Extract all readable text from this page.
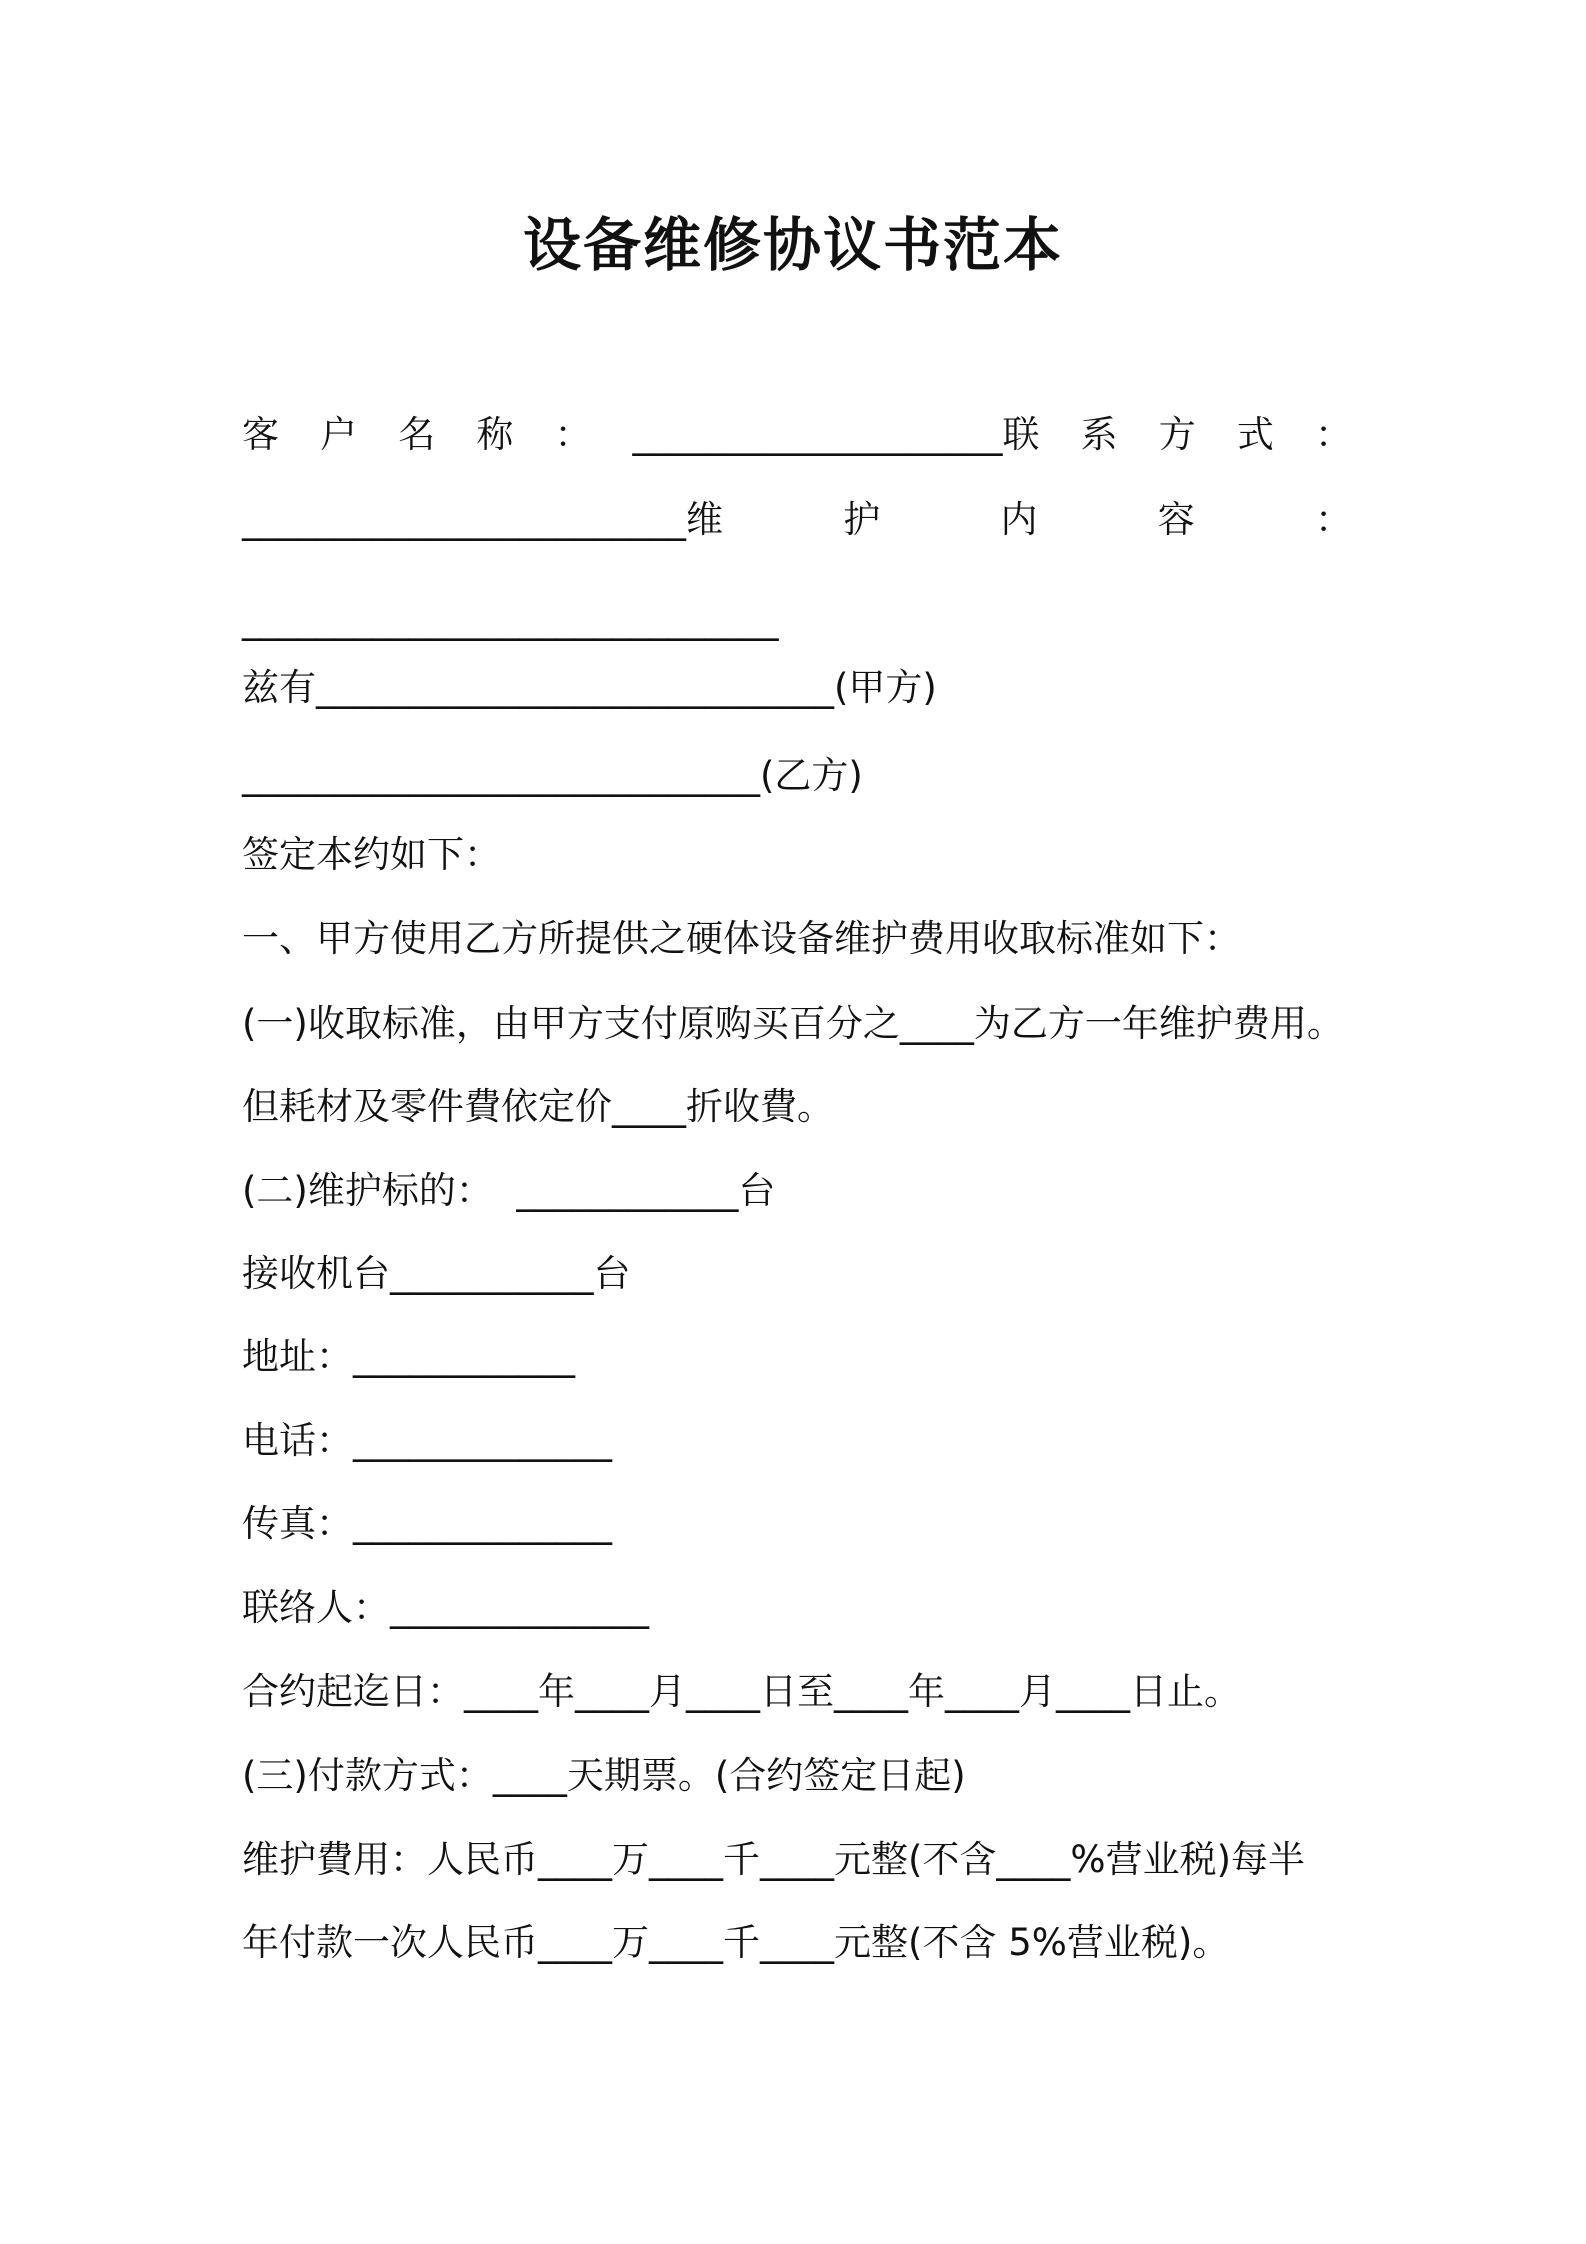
设备维修协议书范本
客 户 名 称 ： ____________________联 系 方 式 ：
________________________维	护	内	容	：
_____________________________
兹有____________________________(甲方)
____________________________(乙方)
签定本约如下：
一、甲方使用乙方所提供之硬体设备维护费用收取标准如下：
(一)收取标准，由甲方支付原购买百分之____为乙方一年维护费用。
但耗材及零件費依定价____折收費。
(二)维护标的：  ____________台
接收机台___________台
地址：____________
电话：______________
传真：______________
联络人：______________
合约起迄日：____年____月____日至____年____月____日止。
(三)付款方式：____天期票。(合约签定日起)
维护費用：人民币____万____千____元整(不含____%营业税)每半
年付款一次人民币____万____千____元整(不含 5%营业税)。
